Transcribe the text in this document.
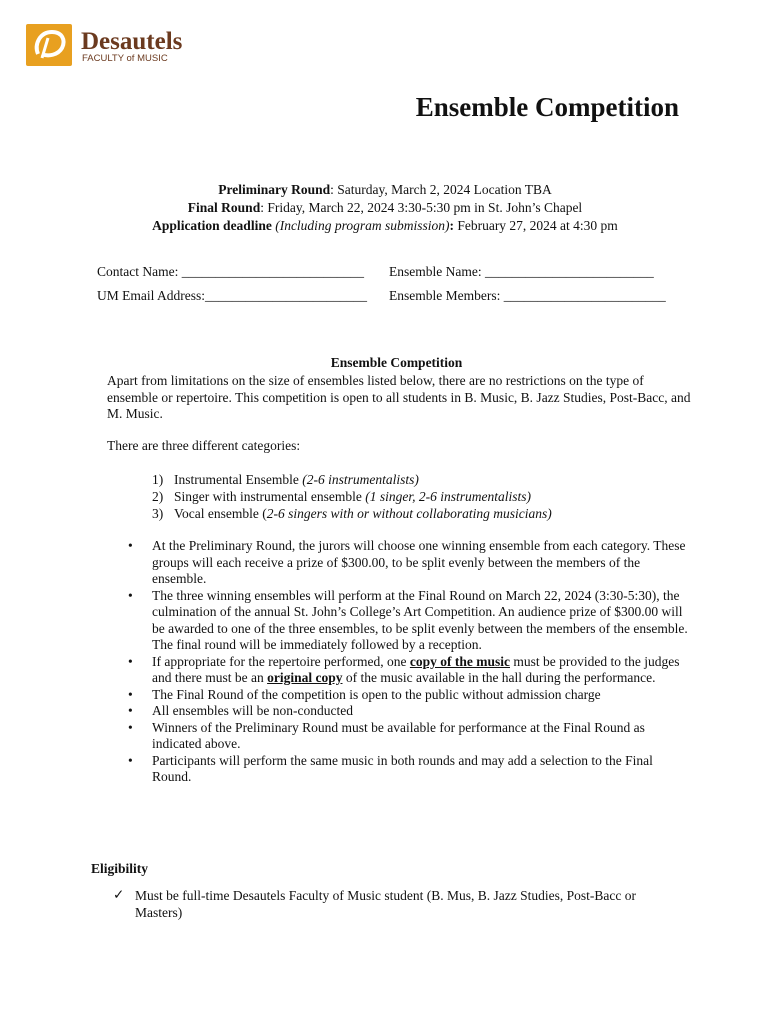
Desautels
FACULTY of MUSIC
Ensemble Competition
Preliminary Round: Saturday, March 2, 2024 Location TBA
Final Round: Friday, March 22, 2024 3:30-5:30 pm in St. John’s Chapel
Application deadline (Including program submission): February 27, 2024 at 4:30 pm
Contact Name: ___________________________ Ensemble Name: _________________________
UM Email Address:________________________ Ensemble Members: ________________________
Ensemble Competition
Apart from limitations on the size of ensembles listed below, there are no restrictions on the type of ensemble or repertoire. This competition is open to all students in B. Music, B. Jazz Studies, Post-Bacc, and M. Music.
There are three different categories:
1) Instrumental Ensemble (2-6 instrumentalists)
2) Singer with instrumental ensemble (1 singer, 2-6 instrumentalists)
3) Vocal ensemble (2-6 singers with or without collaborating musicians)
• At the Preliminary Round, the jurors will choose one winning ensemble from each category. These groups will each receive a prize of $300.00, to be split evenly between the members of the ensemble.
• The three winning ensembles will perform at the Final Round on March 22, 2024 (3:30-5:30), the culmination of the annual St. John’s College’s Art Competition. An audience prize of $300.00 will be awarded to one of the three ensembles, to be split evenly between the members of the ensemble. The final round will be immediately followed by a reception.
• If appropriate for the repertoire performed, one copy of the music must be provided to the judges and there must be an original copy of the music available in the hall during the performance.
• The Final Round of the competition is open to the public without admission charge
• All ensembles will be non-conducted
• Winners of the Preliminary Round must be available for performance at the Final Round as indicated above.
• Participants will perform the same music in both rounds and may add a selection to the Final Round.
Eligibility
✓ Must be full-time Desautels Faculty of Music student (B. Mus, B. Jazz Studies, Post-Bacc or Masters)
